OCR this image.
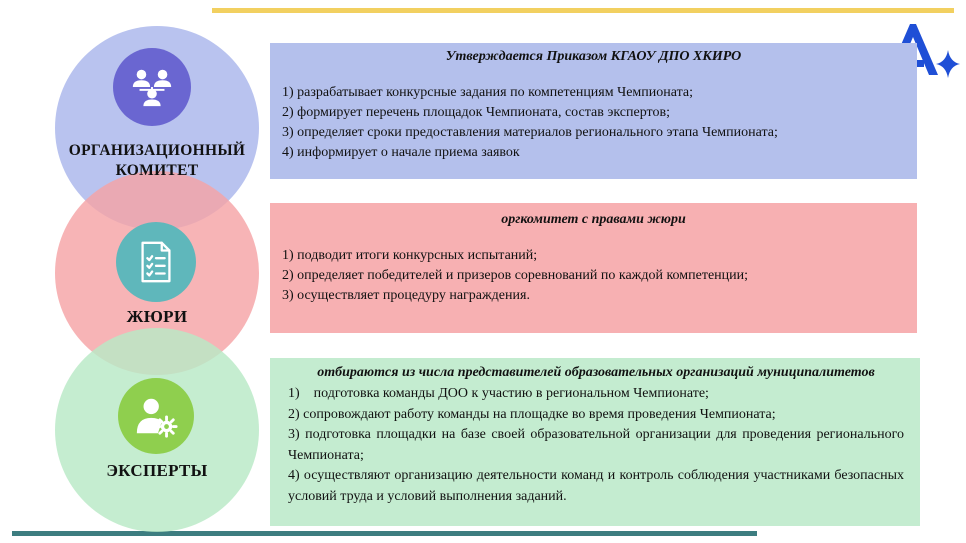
ОРГАНИЗАЦИОННЫЙ
КОМИТЕТ
ЖЮРИ
ЭКСПЕРТЫ
Утверждается Приказом КГАОУ ДПО ХКИРО
1) разрабатывает конкурсные задания по компетенциям Чемпионата;
2) формирует перечень площадок Чемпионата, состав экспертов;
3) определяет сроки предоставления материалов регионального этапа Чемпионата;
4) информирует о начале приема заявок
оргкомитет с правами жюри
1) подводит итоги конкурсных испытаний;
2) определяет победителей и призеров соревнований по каждой компетенции;
3) осуществляет процедуру награждения.
отбираются из числа представителей образовательных организаций муниципалитетов
1)    подготовка команды ДОО к участию в региональном Чемпионате;
2) сопровождают работу команды на площадке во время проведения Чемпионата;
3) подготовка площадки на базе своей образовательной организации для проведения регионального Чемпионата;
4) осуществляют организацию деятельности команд и контроль соблюдения участниками безопасных условий труда и условий выполнения заданий.
